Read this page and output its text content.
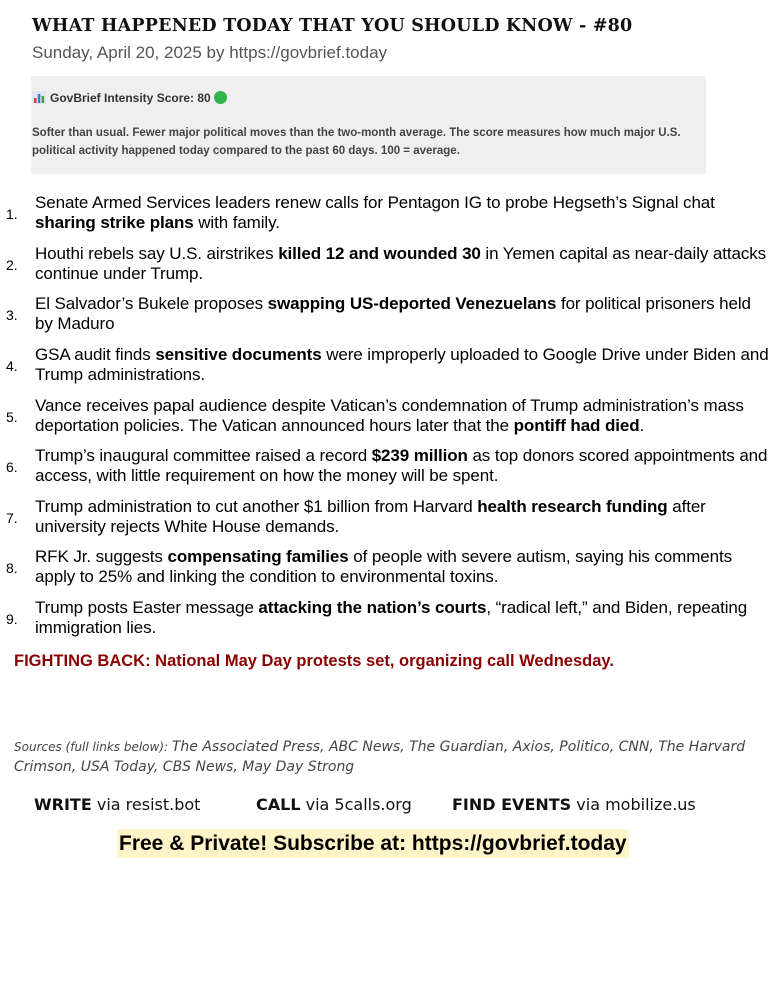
WHAT HAPPENED TODAY THAT YOU SHOULD KNOW - #80
Sunday, April 20, 2025 by https://govbrief.today
GovBrief Intensity Score: 80
Softer than usual. Fewer major political moves than the two-month average. The score measures how much major U.S. political activity happened today compared to the past 60 days. 100 = average.
1.
Senate Armed Services leaders renew calls for Pentagon IG to probe Hegseth’s Signal chat sharing strike plans with family.
2.
Houthi rebels say U.S. airstrikes killed 12 and wounded 30 in Yemen capital as near-daily attacks continue under Trump.
3.
El Salvador’s Bukele proposes swapping US-deported Venezuelans for political prisoners held by Maduro
4.
GSA audit finds sensitive documents were improperly uploaded to Google Drive under Biden and Trump administrations.
5.
Vance receives papal audience despite Vatican’s condemnation of Trump administration’s mass deportation policies. The Vatican announced hours later that the pontiff had died.
6.
Trump’s inaugural committee raised a record $239 million as top donors scored appointments and access, with little requirement on how the money will be spent.
7.
Trump administration to cut another $1 billion from Harvard health research funding after university rejects White House demands.
8.
RFK Jr. suggests compensating families of people with severe autism, saying his comments apply to 25% and linking the condition to environmental toxins.
9.
Trump posts Easter message attacking the nation’s courts, “radical left,” and Biden, repeating immigration lies.
FIGHTING BACK: National May Day protests set, organizing call Wednesday.
Sources (full links below): The Associated Press, ABC News, The Guardian, Axios, Politico, CNN, The Harvard Crimson, USA Today, CBS News, May Day Strong
WRITE via resist.bot	CALL via 5calls.org	FIND EVENTS via mobilize.us
Free & Private! Subscribe at: https://govbrief.today
